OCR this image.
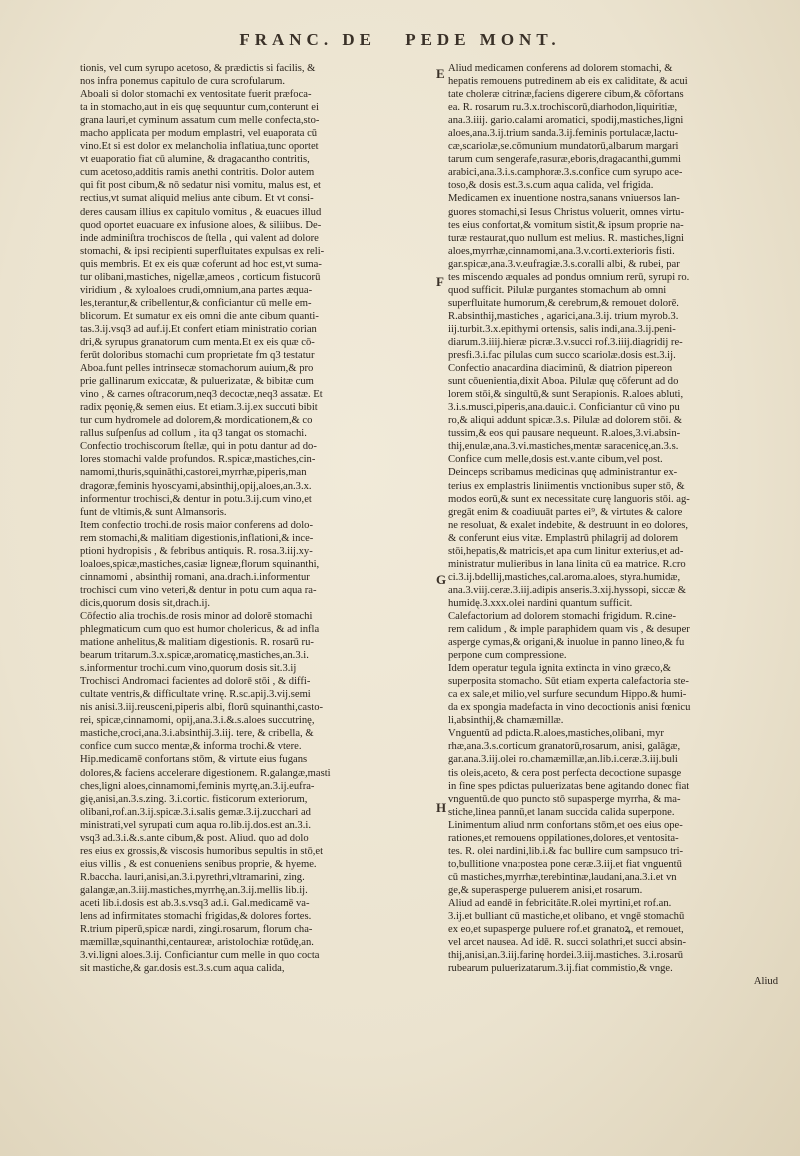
FRANC. DE PEDE MONT.
tionis, vel cum syrupo acetoso, & prædictis si facilis, &
nos infra ponemus capitulo de cura scrofularum.
Aboali si dolor stomachi ex ventositate fuerit præfoca-
ta in stomacho,aut in eis quę sequuntur cum,conterunt ei
grana lauri,et cyminum assatum cum melle confecta,sto-
macho applicata per modum emplastri, vel euaporata cū
vino.Et si est dolor ex melancholia inflatiua,tunc oportet
vt euaporatio fiat cū alumine, & dragacantho contritis,
cum acetoso,additis ramis anethi contritis. Dolor autem
qui fit post cibum,& nō sedatur nisi vomitu, malus est, et
rectius,vt sumat aliquid melius ante cibum. Et vt consi-
deres causam illius ex capitulo vomitus , & euacues illud
quod oportet euacuare ex infusione aloes, & siliibus. De-
inde adminiſtra trochiscos de ſtella , qui valent ad dolore
stomachi, & ipsi recipienti superfluitates expulsas ex reli-
quis membris. Et ex eis quæ coferunt ad hoc est,vt suma-
tur olibani,mastiches, nigellæ,ameos , corticum fistucorū
viridium , & xyloaloes crudi,omnium,ana partes æqua-
les,terantur,& cribellentur,& conficiantur cū melle em-
blicorum. Et sumatur ex eis omni die ante cibum quanti-
tas.3.ij.vsq3 ad auf.ij.Et confert etiam ministratio corian
dri,& syrupus granatorum cum menta.Et ex eis quæ cō-
ferūt doloribus stomachi cum proprietate fm q3 testatur
Aboa.funt pelles intrinsecæ stomachorum auium,& pro
prie gallinarum exiccatæ, & puluerizatæ, & bibitæ cum
vino , & carnes oſtracorum,neq3 decoctæ,neq3 assatæ. Et
radix pęonię,& semen eius. Et etiam.3.ij.ex succuti bibit
tur cum hydromele ad dolorem,& mordicationem,& co
rallus suſpenſus ad collum , ita q3 tangat os stomachi.
Confectio trochiscorum ſtellæ, qui in potu dantur ad do-
lores stomachi valde profundos. R.spicæ,mastiches,cin-
namomi,thuris,squināthi,castorei,myrrhæ,piperis,man
dragoræ,feminis hyoscyami,absinthij,opij,aloes,an.3.x.
informentur trochisci,& dentur in potu.3.ij.cum vino,et
funt de vltimis,& sunt Almansoris.
Item confectio trochi.de rosis maior conferens ad dolo-
rem stomachi,& malitiam digestionis,inflationi,& ince-
ptioni hydropisis , & febribus antiquis. R. rosa.3.iij.xy-
loaloes,spicæ,mastiches,casiæ ligneæ,florum squinanthi,
cinnamomi , absinthij romani, ana.drach.i.informentur
trochisci cum vino veteri,& dentur in potu cum aqua ra-
dicis,quorum dosis sit,drach.ij.
Cōfectio alia trochis.de rosis minor ad dolorē stomachi
phlegmaticum cum quo est humor cholericus, & ad infla
matione anhelitus,& malitiam digestionis. R. rosarū ru-
bearum tritarum.3.x.spicæ,aromaticę,mastiches,an.3.i.
s.informentur trochi.cum vino,quorum dosis sit.3.ij
Trochisci Andromaci facientes ad dolorē stōi , & diffi-
cultate ventris,& difficultate vrinę. R.sc.apij.3.vij.semi
nis anisi.3.iij.reusceni,piperis albi, florū squinanthi,casto-
rei, spicæ,cinnamomi, opij,ana.3.i.&.s.aloes succutrinę,
mastiche,croci,ana.3.i.absinthij.3.iij. tere, & cribella, &
confice cum succo mentæ,& informa trochi.& vtere.
Hip.medicamē confortans stōm, & virtute eius fugans
dolores,& faciens accelerare digestionem. R.galangæ,masti
ches,ligni aloes,cinnamomi,feminis myrtę,an.3.ij.eufra-
gię,anisi,an.3.s.zing. 3.i.cortic. fisticorum exteriorum,
olibani,rof.an.3.ij.spicæ.3.i.salis gemæ.3.ij.zucchari ad
ministrati,vel syrupati cum aqua ro.lib.ij.dos.est an.3.i.
vsq3 ad.3.i.&.s.ante cibum,& post. Aliud. quo ad dolo
res eius ex grossis,& viscosis humoribus sepultis in stō,et
eius villis , & est conueniens senibus proprie, & hyeme.
R.baccha. lauri,anisi,an.3.i.pyrethri,vltramarini, zing.
galangæ,an.3.iij.mastiches,myrrhę,an.3.ij.mellis lib.ij.
aceti lib.i.dosis est ab.3.s.vsq3 ad.i. Gal.medicamē va-
lens ad infirmitates stomachi frigidas,& dolores fortes.
R.trium piperū,spicæ nardi, zingi.rosarum, florum cha-
mæmillæ,squinanthi,centaureæ, aristolochiæ rotūdę,an.
3.vi.ligni aloes.3.ij. Conficiantur cum melle in quo cocta
sit mastiche,& gar.dosis est.3.s.cum aqua calida,
Aliud medicamen conferens ad dolorem stomachi, &
hepatis remouens putredinem ab eis ex caliditate, & acui
tate choleræ citrinæ,faciens digerere cibum,& cōfortans
ea. R. rosarum ru.3.x.trochiscorū,diarhodon,liquiritiæ,
ana.3.iiij. gario.calami aromatici, spodij,mastiches,ligni
aloes,ana.3.ij.trium sanda.3.ij.feminis portulacæ,lactu-
cæ,scariolæ,se.cōmunium mundatorū,albarum margari
tarum cum sengerafe,rasuræ,eboris,dragacanthi,gummi
arabici,ana.3.i.s.camphoræ.3.s.confice cum syrupo ace-
toso,& dosis est.3.s.cum aqua calida, vel frigida.
Medicamen ex inuentione nostra,sanans vniuersos lan-
guores stomachi,si Iesus Christus voluerit, omnes virtu-
tes eius confortat,& vomitum sistit,& ipsum proprie na-
turæ restaurat,quo nullum est melius. R. mastiches,ligni
aloes,myrrhæ,cinnamomi,ana.3.v.corti.exterioris fisti.
gar.spicæ,ana.3.v.eufragiæ.3.s.coralli albi, & rubei, par
tes miscendo æquales ad pondus omnium rerū, syrupi ro.
quod sufficit. Pilulæ purgantes stomachum ab omni
superfluitate humorum,& cerebrum,& remouet dolorē.
R.absinthij,mastiches , agarici,ana.3.ij. trium myrob.3.
iij.turbit.3.x.epithymi ortensis, salis indi,ana.3.ij.peni-
diarum.3.iiij.hieræ picræ.3.v.succi rof.3.iiij.diagridij re-
presfi.3.i.fac pilulas cum succo scariolæ.dosis est.3.ij.
Confectio anacardina diaciminū, & diatrion pipereon
sunt cōuenientia,dixit Aboa. Pilulæ quę cōferunt ad do
lorem stōi,& singultū,& sunt Serapionis. R.aloes abluti,
3.i.s.musci,piperis,ana.dauic.i. Conficiantur cū vino pu
ro,& aliqui addunt spicæ.3.s. Pilulæ ad dolorem stōi. &
tussim,& eos qui pausare nequeunt. R.aloes,3.vi.absin-
thij,enulæ,ana.3.vi.mastiches,mentæ saracenicę,an.3.s.
Confice cum melle,dosis est.v.ante cibum,vel post.
Deinceps scribamus medicinas quę administrantur ex-
terius ex emplastris liniimentis vnctionibus super stō, &
modos eorū,& sunt ex necessitate curę languoris stōi. ag-
gregāt enim & coadiuuāt partes ei⁹, & virtutes & calore
ne resoluat, & exalet indebite, & destruunt in eo dolores,
& conferunt eius vitæ. Emplastrū philagrij ad dolorem
stōi,hepatis,& matricis,et apa cum linitur exterius,et ad-
ministratur mulieribus in lana linita cū ea matrice. R.cro
ci.3.ij.bdellij,mastiches,cal.aroma.aloes, styra.humidæ,
ana.3.viij.ceræ.3.iij.adipis anseris.3.xij.hyssopi, siccæ &
humidę.3.xxx.olei nardini quantum sufficit.
Calefactorium ad dolorem stomachi frigidum. R.cine-
rem calidum , & imple paraphidem quam vis , & desuper
asperge cymas,& origani,& inuolue in panno lineo,& fu
perpone cum compressione.
Idem operatur tegula ignita extincta in vino græco,&
superposita stomacho. Sūt etiam experta calefactoria ste-
ca ex sale,et milio,vel surfure secundum Hippo.& humi-
da ex spongia madefacta in vino decoctionis anisi fœnicu
li,absinthij,& chamæmillæ.
Vnguentū ad pdicta.R.aloes,mastiches,olibani, myr
rhæ,ana.3.s.corticum granatorū,rosarum, anisi, galāgæ,
gar.ana.3.iij.olei ro.chamæmillæ,an.lib.i.ceræ.3.iij.buli
tis oleis,aceto, & cera post perfecta decoctione supasge
in fine spes pdictas puluerizatas bene agitando donec fiat
vnguentū.de quo puncto stō supasperge myrrha, & ma-
stiche,linea pannū,et lanam succida calida superpone.
Linimentum aliud nrm confortans stōm,et oes eius ope-
rationes,et remouens oppilationes,dolores,et ventosita-
tes. R. olei nardini,lib.i.& fac bullire cum sampsuco tri-
to,bullitione vna:postea pone ceræ.3.iij.et fiat vnguentū
cū mastiches,myrrhæ,terebintinæ,laudani,ana.3.i.et vn
ge,& superasperge puluerem anisi,et rosarum.
Aliud ad eandē in febricitāte.R.olei myrtini,et rof.an.
3.ij.et bulliant cū mastiche,et olibano, et vngē stomachū
ex eo,et supasperge puluere rof.et granatoꝝ, et remouet,
vel arcet nausea. Ad idē. R. succi solathri,et succi absin-
thij,anisi,an.3.iij.farinę hordei.3.iij.mastiches. 3.i.rosarū
rubearum puluerizatarum.3.ij.fiat commistio,& vnge.
Aliud
E
F
G
H
